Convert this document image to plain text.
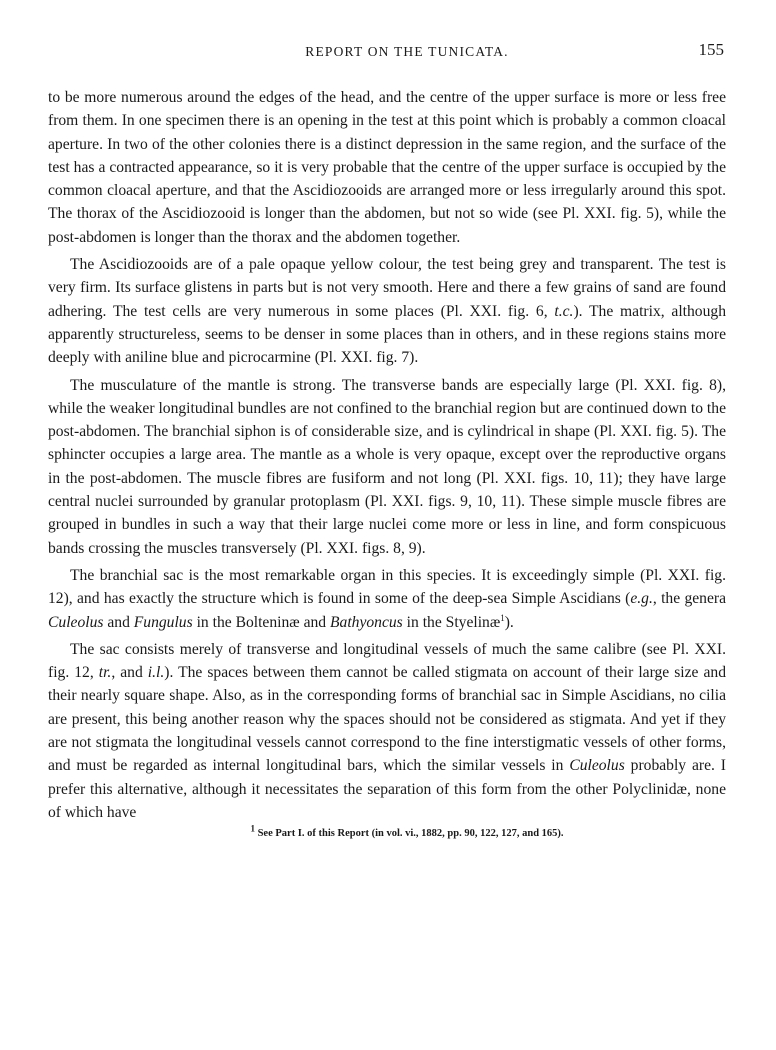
REPORT ON THE TUNICATA.	155

to be more numerous around the edges of the head, and the centre of the upper surface is more or less free from them. In one specimen there is an opening in the test at this point which is probably a common cloacal aperture. In two of the other colonies there is a distinct depression in the same region, and the surface of the test has a contracted appearance, so it is very probable that the centre of the upper surface is occupied by the common cloacal aperture, and that the Ascidiozooids are arranged more or less irregularly around this spot. The thorax of the Ascidiozooid is longer than the abdomen, but not so wide (see Pl. XXI. fig. 5), while the post-abdomen is longer than the thorax and the abdomen together.

The Ascidiozooids are of a pale opaque yellow colour, the test being grey and transparent. The test is very firm. Its surface glistens in parts but is not very smooth. Here and there a few grains of sand are found adhering. The test cells are very numerous in some places (Pl. XXI. fig. 6, t.c.). The matrix, although apparently structureless, seems to be denser in some places than in others, and in these regions stains more deeply with aniline blue and picrocarmine (Pl. XXI. fig. 7).

The musculature of the mantle is strong. The transverse bands are especially large (Pl. XXI. fig. 8), while the weaker longitudinal bundles are not confined to the branchial region but are continued down to the post-abdomen. The branchial siphon is of considerable size, and is cylindrical in shape (Pl. XXI. fig. 5). The sphincter occupies a large area. The mantle as a whole is very opaque, except over the reproductive organs in the post-abdomen. The muscle fibres are fusiform and not long (Pl. XXI. figs. 10, 11); they have large central nuclei surrounded by granular protoplasm (Pl. XXI. figs. 9, 10, 11). These simple muscle fibres are grouped in bundles in such a way that their large nuclei come more or less in line, and form conspicuous bands crossing the muscles transversely (Pl. XXI. figs. 8, 9).

The branchial sac is the most remarkable organ in this species. It is exceedingly simple (Pl. XXI. fig. 12), and has exactly the structure which is found in some of the deep-sea Simple Ascidians (e.g., the genera Culeolus and Fungulus in the Bolteninæ and Bathyoncus in the Styelinæ$^1$).

The sac consists merely of transverse and longitudinal vessels of much the same calibre (see Pl. XXI. fig. 12, tr., and i.l.). The spaces between them cannot be called stigmata on account of their large size and their nearly square shape. Also, as in the corresponding forms of branchial sac in Simple Ascidians, no cilia are present, this being another reason why the spaces should not be considered as stigmata. And yet if they are not stigmata the longitudinal vessels cannot correspond to the fine interstigmatic vessels of other forms, and must be regarded as internal longitudinal bars, which the similar vessels in Culeolus probably are. I prefer this alternative, although it necessitates the separation of this form from the other Polyclinidæ, none of which have

$^1$ See Part I. of this Report (in vol. vi., 1882, pp. 90, 122, 127, and 165).
